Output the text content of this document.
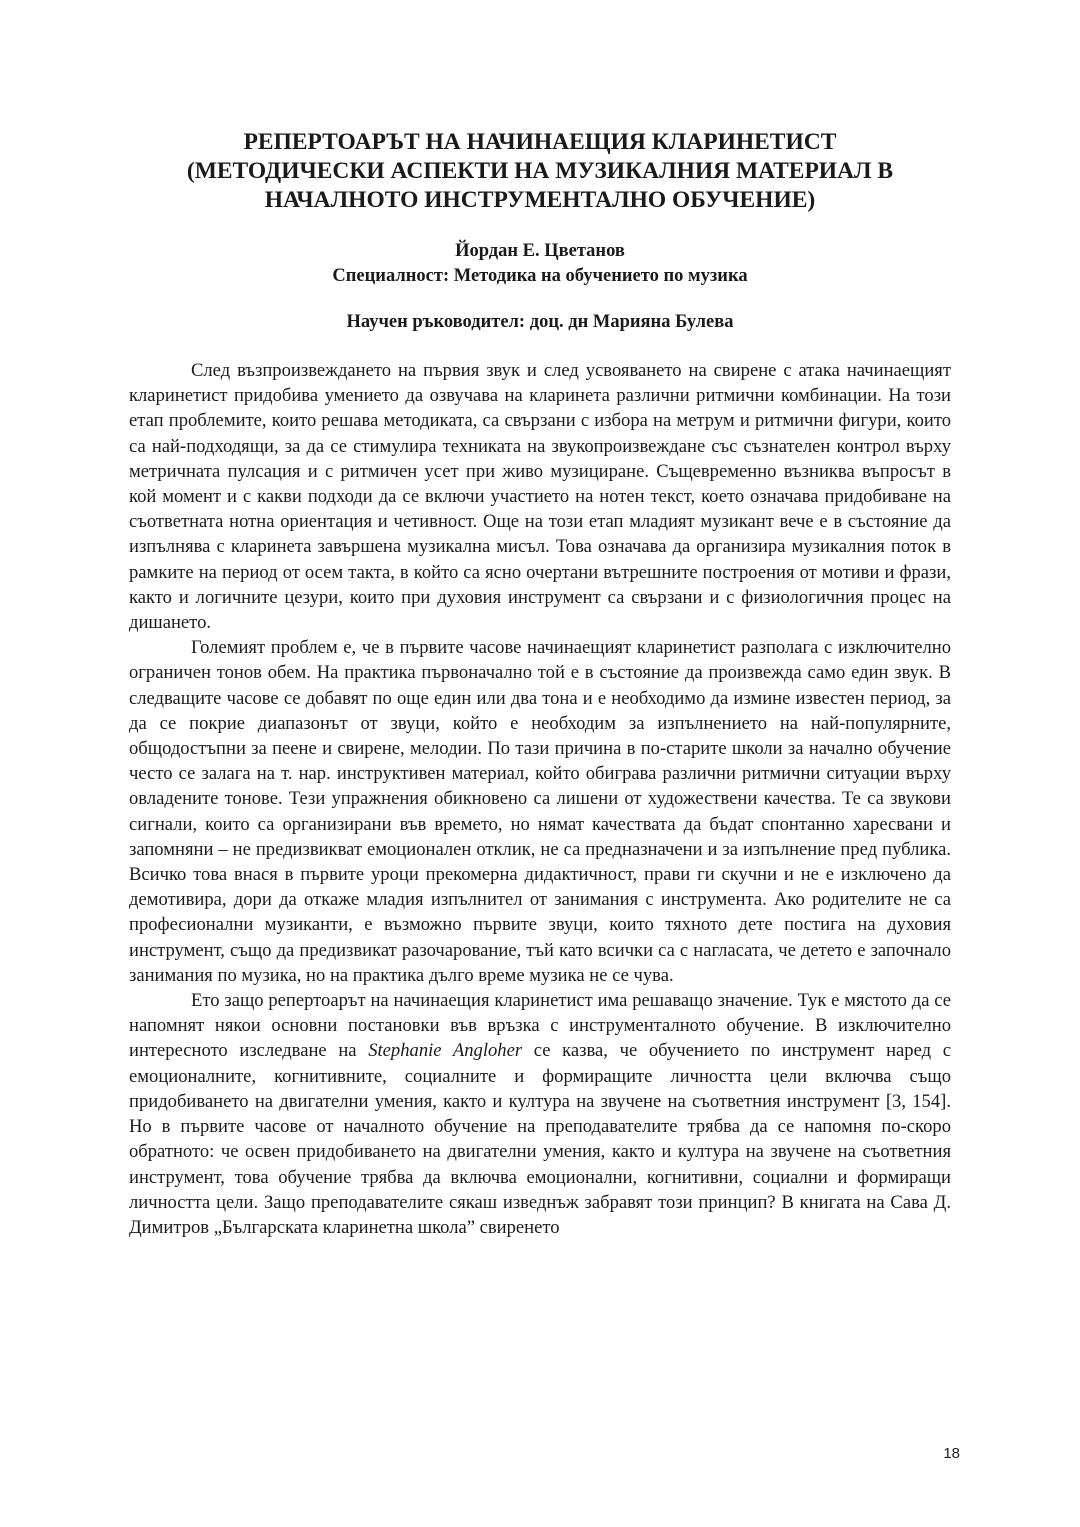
РЕПЕРТОАРЪТ НА НАЧИНАЕЩИЯ КЛАРИНЕТИСТ
(МЕТОДИЧЕСКИ АСПЕКТИ НА МУЗИКАЛНИЯ МАТЕРИАЛ В
НАЧАЛНОТО ИНСТРУМЕНТАЛНО ОБУЧЕНИЕ)
Йордан Е. Цветанов
Специалност: Методика на обучението по музика
Научен ръководител: доц. дн Марияна Булева

След възпроизвеждането на първия звук и след усвояването на свирене с атака начинаещият кларинетист придобива умението да озвучава на кларинета различни ритмични комбинации. На този етап проблемите, които решава методиката, са свързани с избора на метрум и ритмични фигури, които са най-подходящи, за да се стимулира техниката на звукопроизвеждане със съзнателен контрол върху метричната пулсация и с ритмичен усет при живо музициране. Същевременно възниква въпросът в кой момент и с какви подходи да се включи участието на нотен текст, което означава придобиване на съответната нотна ориентация и четивност. Още на този етап младият музикант вече е в състояние да изпълнява с кларинета завършена музикална мисъл. Това означава да организира музикалния поток в рамките на период от осем такта, в който са ясно очертани вътрешните построения от мотиви и фрази, както и логичните цезури, които при духовия инструмент са свързани и с физиологичния процес на дишането.

Големият проблем е, че в първите часове начинаещият кларинетист разполага с изключително ограничен тонов обем. На практика първоначално той е в състояние да произвежда само един звук. В следващите часове се добавят по още един или два тона и е необходимо да изминe известен период, за да се покрие диапазонът от звуци, който е необходим за изпълнението на най-популярните, общодостъпни за пеене и свирене, мелодии. По тази причина в по-старите школи за начално обучение често се залага на т. нар. инструктивен материал, който обиграва различни ритмични ситуации върху овладените тонове. Тези упражнения обикновено са лишени от художествени качества. Те са звукови сигнали, които са организирани във времето, но нямат качествата да бъдат спонтанно харесвани и запомняни – не предизвикват емоционален отклик, не са предназначени и за изпълнение пред публика. Всичко това внася в първите уроци прекомерна дидактичност, прави ги скучни и не е изключено да демотивира, дори да откаже младия изпълнител от занимания с инструмента. Ако родителите не са професионални музиканти, е възможно първите звуци, които тяхното дете постига на духовия инструмент, също да предизвикат разочарование, тъй като всички са с нагласата, че детето е започнало занимания по музика, но на практика дълго време музика не се чува.

Ето защо репертоарът на начинаещия кларинетист има решаващо значение. Тук е мястото да се напомнят някои основни постановки във връзка с инструменталното обучение. В изключително интересното изследване на Stephanie Angloher се казва, че обучението по инструмент наред с емоционалните, когнитивните, социалните и формиращите личността цели включва също придобиването на двигателни умения, както и култура на звучене на съответния инструмент [3, 154]. Но в първите часове от началното обучение на преподавателите трябва да се напомня по-скоро обратното: че освен придобиването на двигателни умения, както и култура на звучене на съответния инструмент, това обучение трябва да включва емоционални, когнитивни, социални и формиращи личността цели. Защо преподавателите сякаш изведнъж забравят този принцип? В книгата на Сава Д. Димитров „Българската кларинетна школа” свиренето

18
